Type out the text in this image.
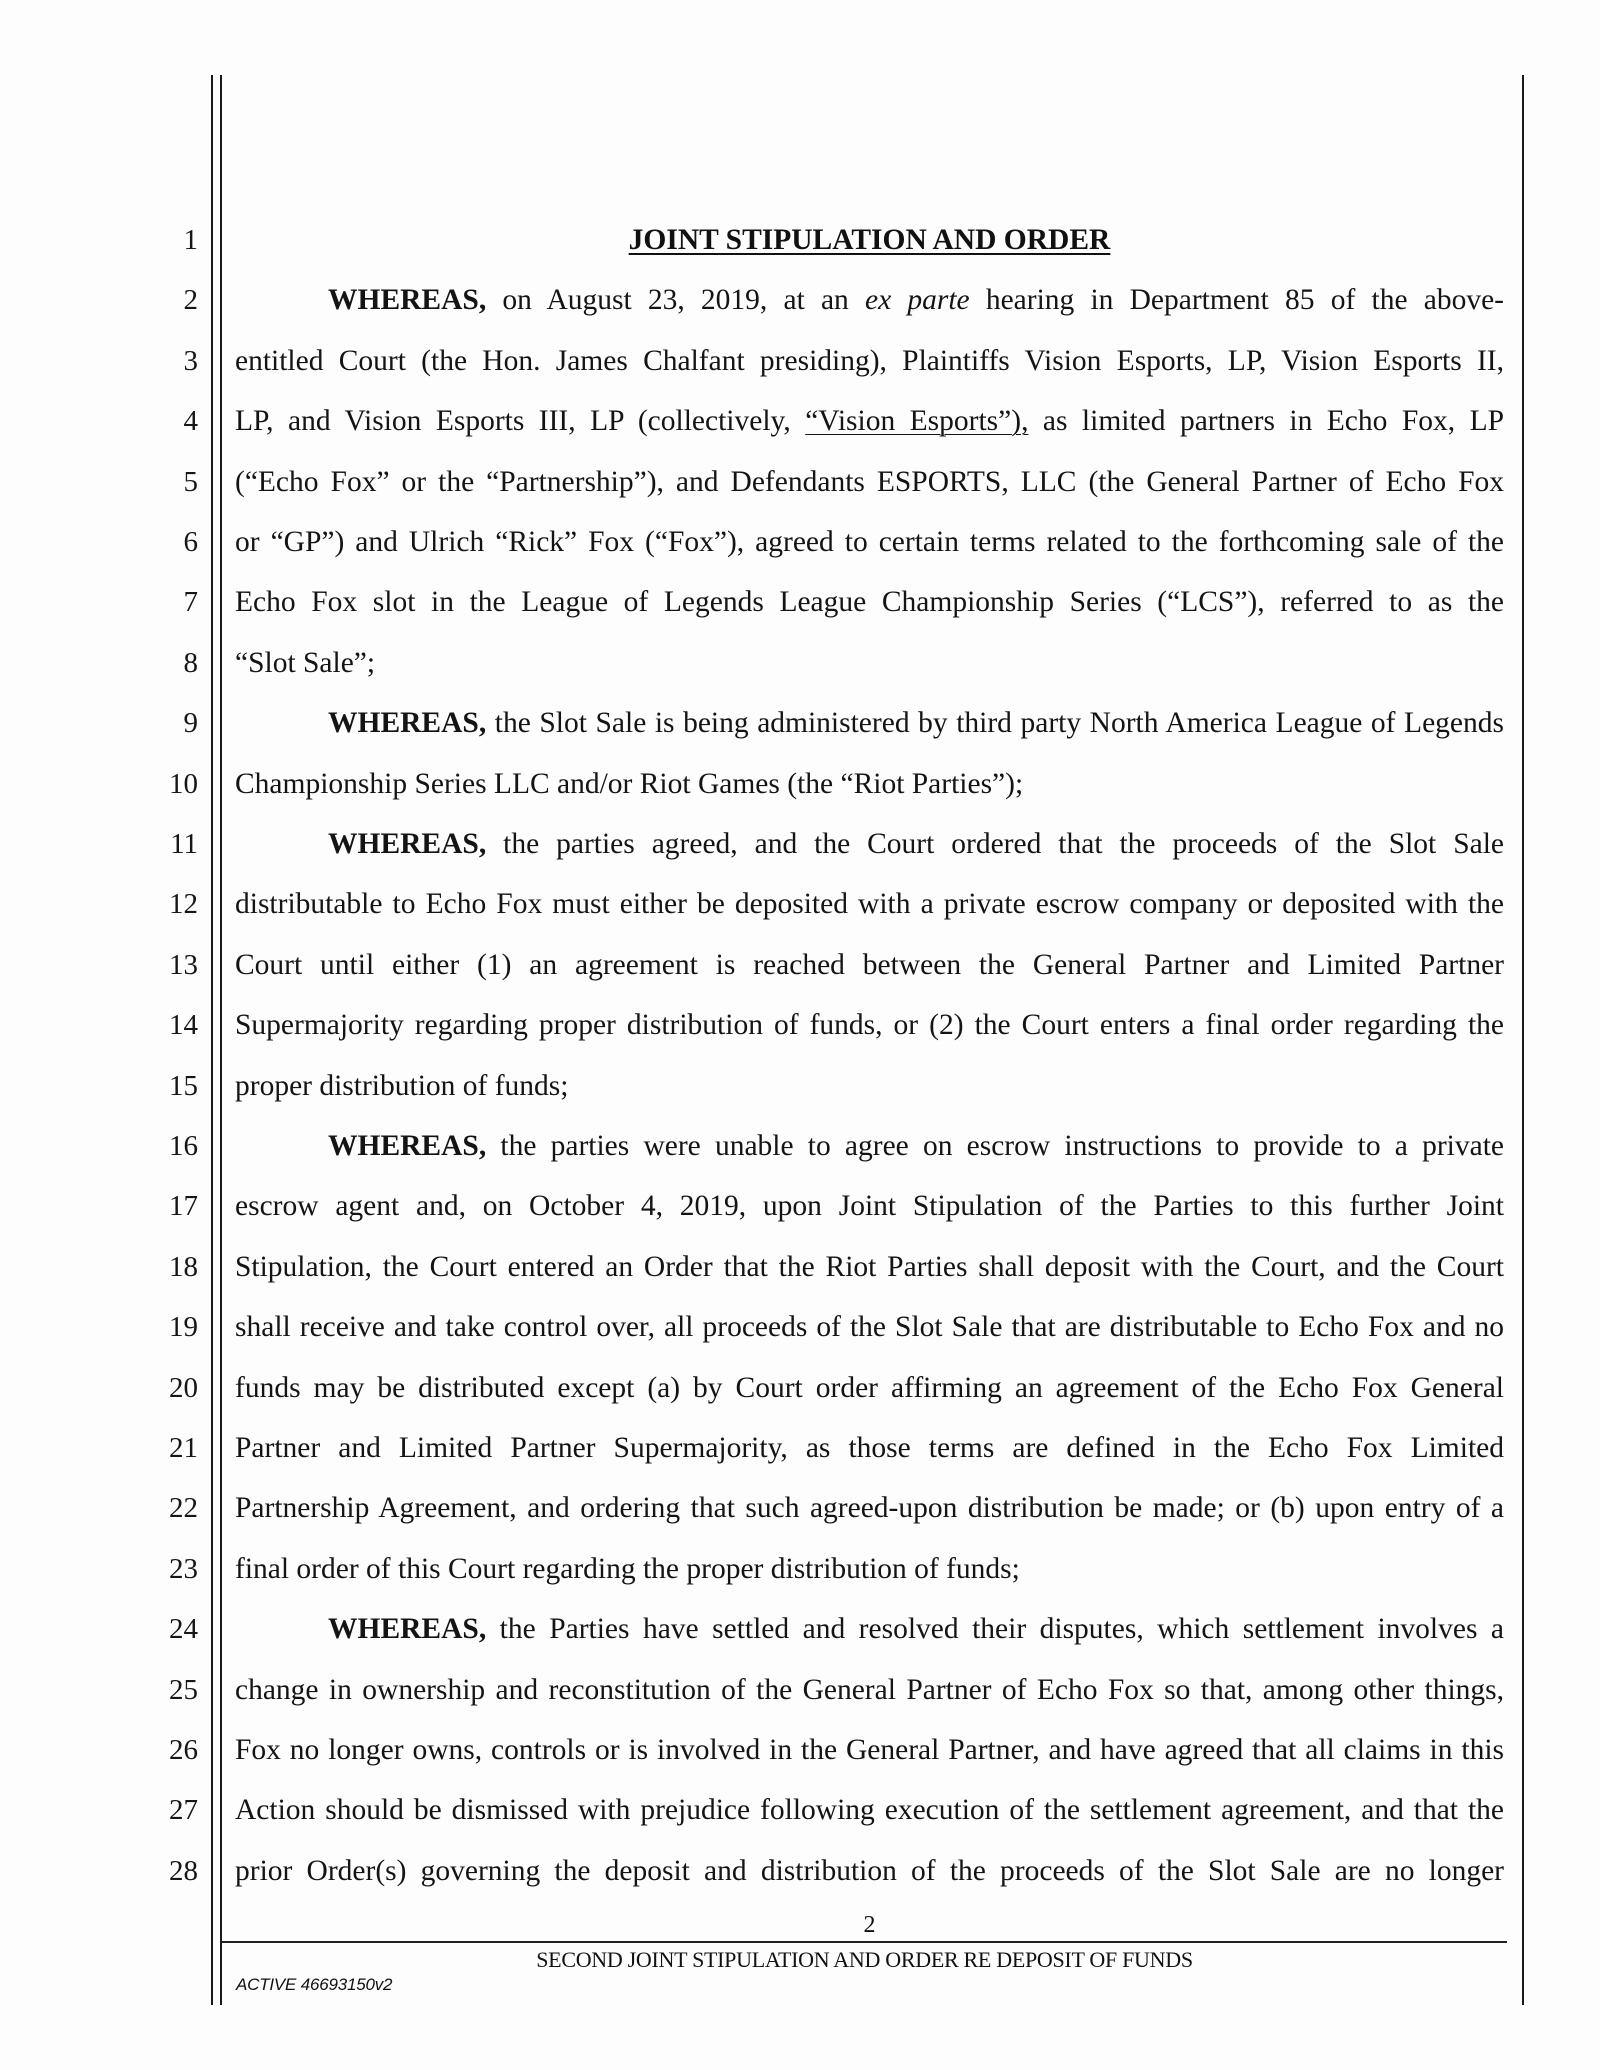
1
2
3
4
5
6
7
8
9
10
11
12
13
14
15
16
17
18
19
20
21
22
23
24
25
26
27
28
JOINT STIPULATION AND ORDER
WHEREAS, on August 23, 2019, at an ex parte hearing in Department 85 of the above-
entitled Court (the Hon. James Chalfant presiding), Plaintiffs Vision Esports, LP, Vision Esports II,
LP, and Vision Esports III, LP (collectively, “Vision Esports”), as limited partners in Echo Fox, LP
(“Echo Fox” or the “Partnership”), and Defendants ESPORTS, LLC (the General Partner of Echo Fox
or “GP”) and Ulrich “Rick” Fox (“Fox”), agreed to certain terms related to the forthcoming sale of the
Echo Fox slot in the League of Legends League Championship Series (“LCS”), referred to as the
“Slot Sale”;
WHEREAS, the Slot Sale is being administered by third party North America League of Legends
Championship Series LLC and/or Riot Games (the “Riot Parties”);
WHEREAS, the parties agreed, and the Court ordered that the proceeds of the Slot Sale
distributable to Echo Fox must either be deposited with a private escrow company or deposited with the
Court until either (1) an agreement is reached between the General Partner and Limited Partner
Supermajority regarding proper distribution of funds, or (2) the Court enters a final order regarding the
proper distribution of funds;
WHEREAS, the parties were unable to agree on escrow instructions to provide to a private
escrow agent and, on October 4, 2019, upon Joint Stipulation of the Parties to this further Joint
Stipulation, the Court entered an Order that the Riot Parties shall deposit with the Court, and the Court
shall receive and take control over, all proceeds of the Slot Sale that are distributable to Echo Fox and no
funds may be distributed except (a) by Court order affirming an agreement of the Echo Fox General
Partner and Limited Partner Supermajority, as those terms are defined in the Echo Fox Limited
Partnership Agreement, and ordering that such agreed-upon distribution be made; or (b) upon entry of a
final order of this Court regarding the proper distribution of funds;
WHEREAS, the Parties have settled and resolved their disputes, which settlement involves a
change in ownership and reconstitution of the General Partner of Echo Fox so that, among other things,
Fox no longer owns, controls or is involved in the General Partner, and have agreed that all claims in this
Action should be dismissed with prejudice following execution of the settlement agreement, and that the
prior Order(s) governing the deposit and distribution of the proceeds of the Slot Sale are no longer
2
SECOND JOINT STIPULATION AND ORDER RE DEPOSIT OF FUNDS
ACTIVE 46693150v2
